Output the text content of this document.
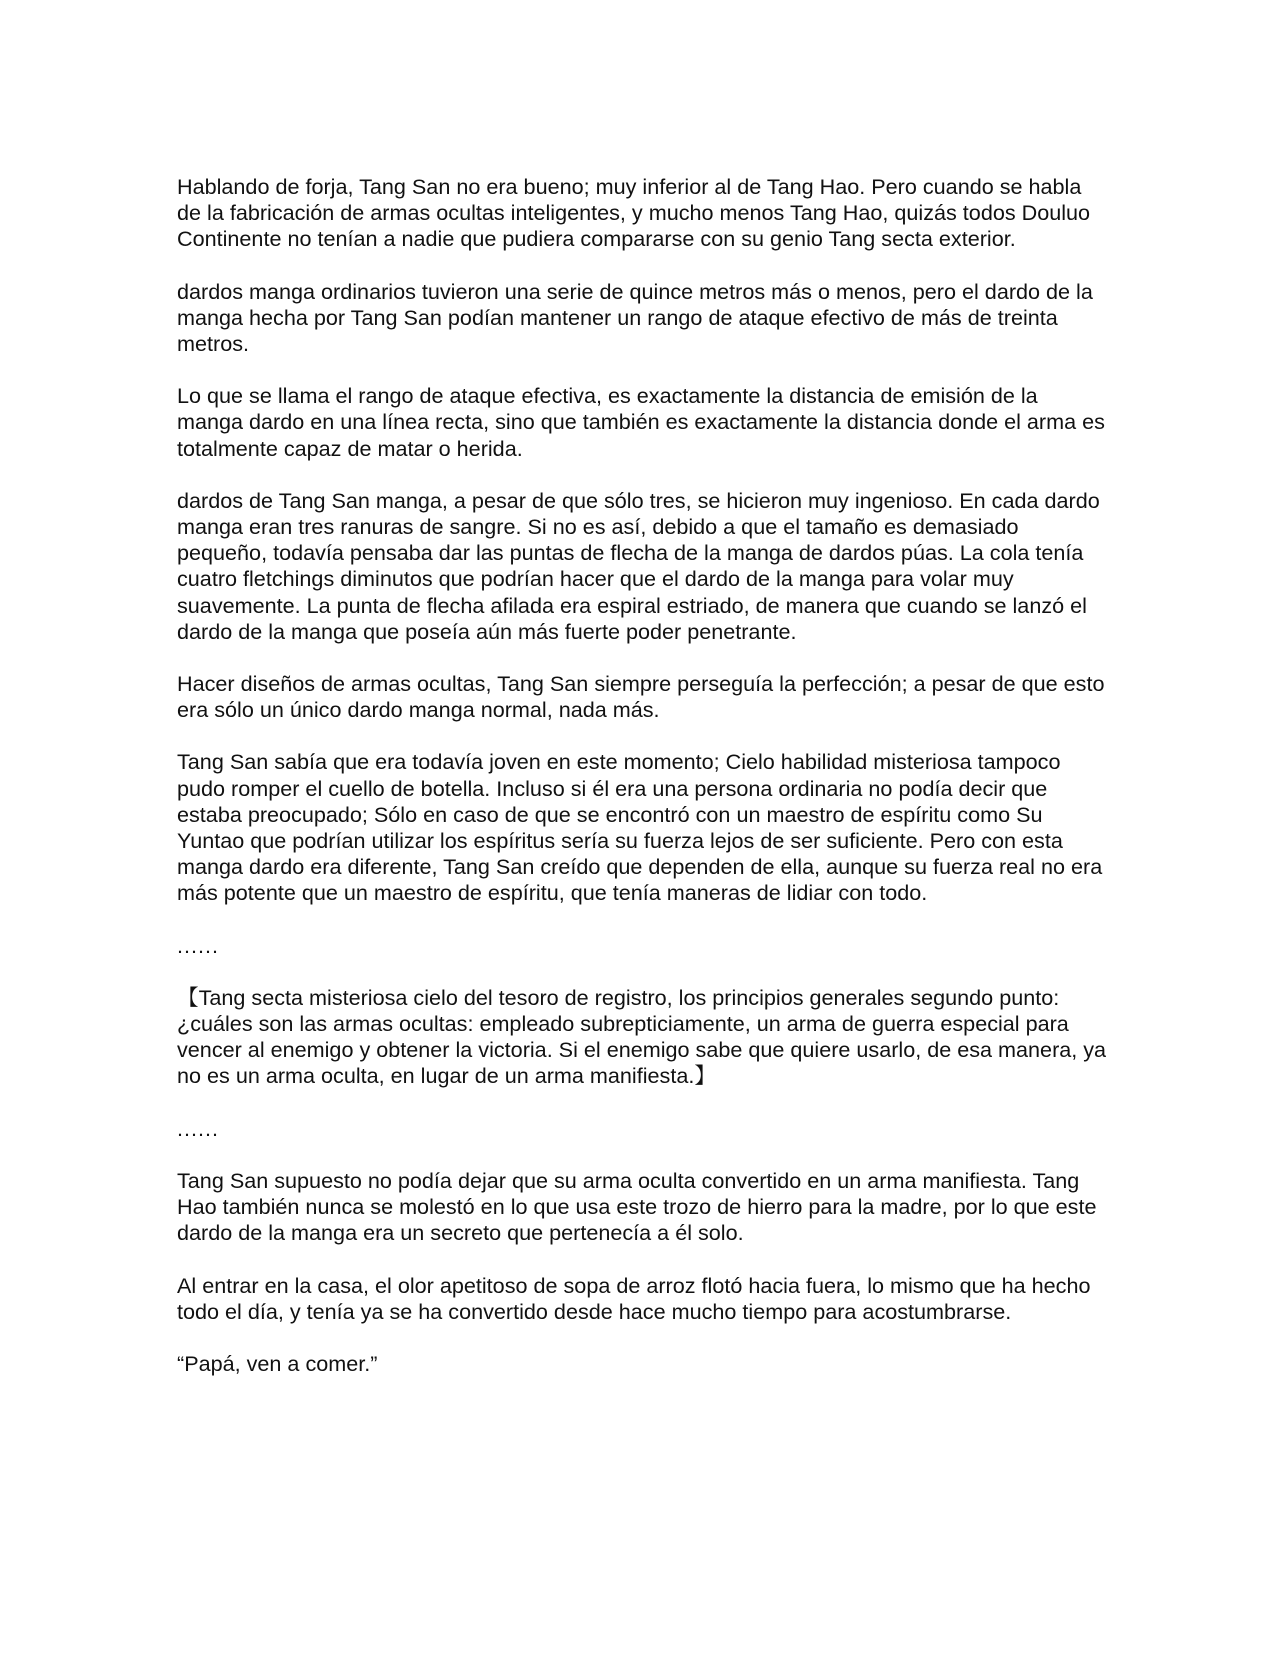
Hablando de forja, Tang San no era bueno; muy inferior al de Tang Hao. Pero cuando se habla de la fabricación de armas ocultas inteligentes, y mucho menos Tang Hao, quizás todos Douluo Continente no tenían a nadie que pudiera compararse con su genio Tang secta exterior.

dardos manga ordinarios tuvieron una serie de quince metros más o menos, pero el dardo de la manga hecha por Tang San podían mantener un rango de ataque efectivo de más de treinta metros.

Lo que se llama el rango de ataque efectiva, es exactamente la distancia de emisión de la manga dardo en una línea recta, sino que también es exactamente la distancia donde el arma es totalmente capaz de matar o herida.

dardos de Tang San manga, a pesar de que sólo tres, se hicieron muy ingenioso. En cada dardo manga eran tres ranuras de sangre. Si no es así, debido a que el tamaño es demasiado pequeño, todavía pensaba dar las puntas de flecha de la manga de dardos púas. La cola tenía cuatro fletchings diminutos que podrían hacer que el dardo de la manga para volar muy suavemente. La punta de flecha afilada era espiral estriado, de manera que cuando se lanzó el dardo de la manga que poseía aún más fuerte poder penetrante.

Hacer diseños de armas ocultas, Tang San siempre perseguía la perfección; a pesar de que esto era sólo un único dardo manga normal, nada más.

Tang San sabía que era todavía joven en este momento; Cielo habilidad misteriosa tampoco pudo romper el cuello de botella. Incluso si él era una persona ordinaria no podía decir que estaba preocupado; Sólo en caso de que se encontró con un maestro de espíritu como Su Yuntao que podrían utilizar los espíritus sería su fuerza lejos de ser suficiente. Pero con esta manga dardo era diferente, Tang San creído que dependen de ella, aunque su fuerza real no era más potente que un maestro de espíritu, que tenía maneras de lidiar con todo.

......

【Tang secta misteriosa cielo del tesoro de registro, los principios generales segundo punto: ¿cuáles son las armas ocultas: empleado subrepticiamente, un arma de guerra especial para vencer al enemigo y obtener la victoria. Si el enemigo sabe que quiere usarlo, de esa manera, ya no es un arma oculta, en lugar de un arma manifiesta.】

......

Tang San supuesto no podía dejar que su arma oculta convertido en un arma manifiesta. Tang Hao también nunca se molestó en lo que usa este trozo de hierro para la madre, por lo que este dardo de la manga era un secreto que pertenecía a él solo.

Al entrar en la casa, el olor apetitoso de sopa de arroz flotó hacia fuera, lo mismo que ha hecho todo el día, y tenía ya se ha convertido desde hace mucho tiempo para acostumbrarse.

“Papá, ven a comer.”
